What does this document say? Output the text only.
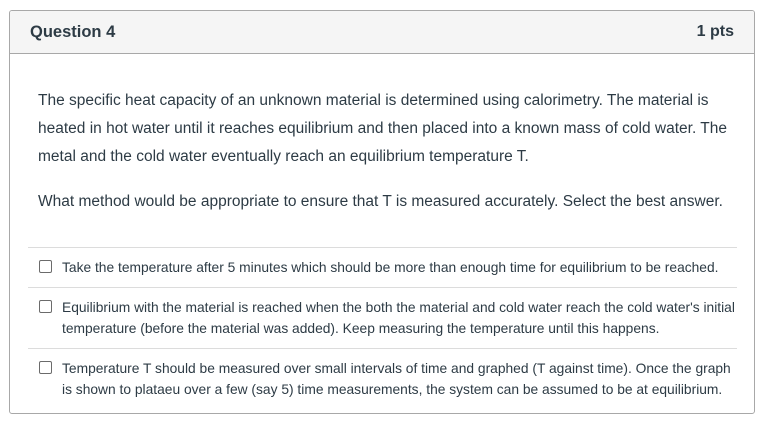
Question 4	1 pts

The specific heat capacity of an unknown material is determined using calorimetry. The material is heated in hot water until it reaches equilibrium and then placed into a known mass of cold water. The metal and the cold water eventually reach an equilibrium temperature T.

What method would be appropriate to ensure that T is measured accurately. Select the best answer.

Take the temperature after 5 minutes which should be more than enough time for equilibrium to be reached.
Equilibrium with the material is reached when the both the material and cold water reach the cold water's initial temperature (before the material was added). Keep measuring the temperature until this happens.
Temperature T should be measured over small intervals of time and graphed (T against time). Once the graph is shown to plataeu over a few (say 5) time measurements, the system can be assumed to be at equilibrium.
